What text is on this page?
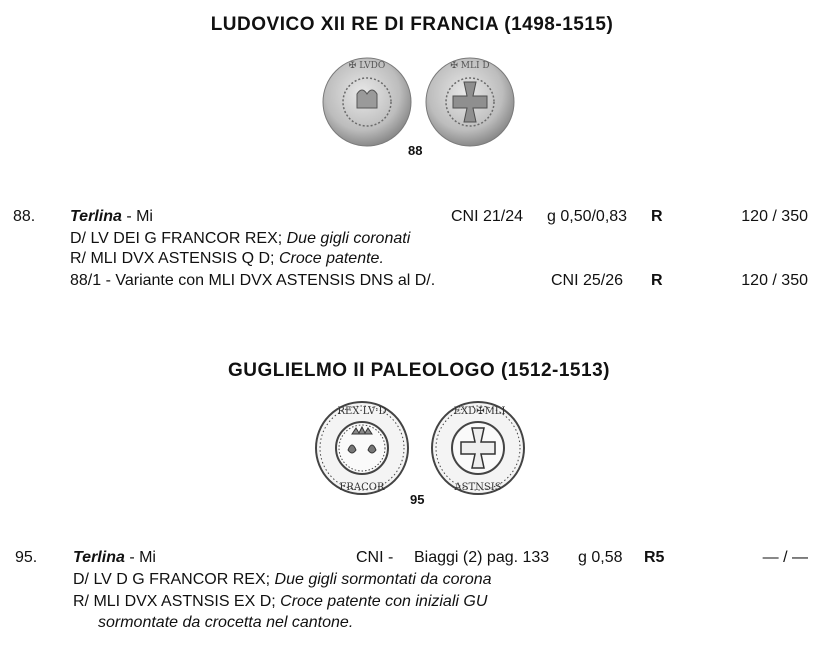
LUDOVICO XII RE DI FRANCIA (1498-1515)
✠ LVDO	✠ MLI D
88
88. Terlina - Mi	CNI 21/24 g 0,50/0,83 R	120 / 350
D/ LV DEI G FRANCOR REX; Due gigli coronati
R/ MLI DVX ASTENSIS Q D; Croce patente.
88/1 - Variante con MLI DVX ASTENSIS DNS al D/.	CNI 25/26 R	120 / 350
GUGLIELMO II PALEOLOGO (1512-1513)
REX·LV·D
FRACOR
·EXD✠MLI
ASTNSIS
95
95. Terlina - Mi	CNI - Biaggi (2) pag. 133 g 0,58 R5	— / —
D/ LV D G FRANCOR REX; Due gigli sormontati da corona
R/ MLI DVX ASTNSIS EX D; Croce patente con iniziali GU
sormontate da crocetta nel cantone.
